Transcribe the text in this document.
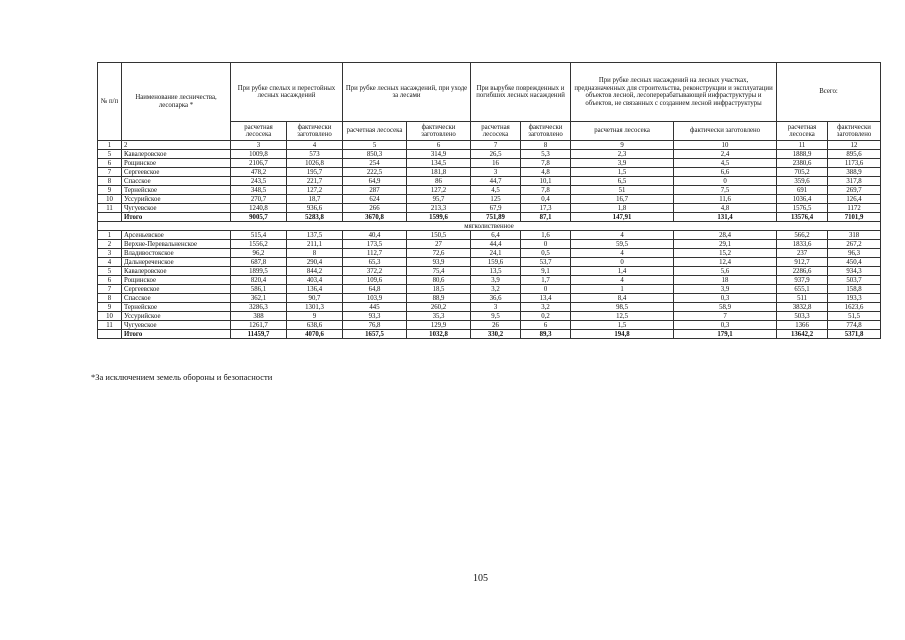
№ п/п	Наименование лесничества, лесопарка *	При рубке спелых и перестойных лесных насаждений		При рубке лесных насаждений, при уходе за лесами		При вырубке поврежденных и погибших лесных насаждений		При рубке лесных насаждений на лесных участках, предназначенных для строительства, реконструкции и эксплуатации объектов лесной, лесоперерабатывающей инфраструктуры и объектов, не связанных с созданием лесной инфраструктуры		Всего:	
		расчетная лесосека	фактически заготовлено	расчетная лесосека	фактически заготовлено	расчетная лесосека	фактически заготовлено	расчетная лесосека	фактически заготовлено	расчетная лесосека	фактически заготовлено
1	2	3	4	5	6	7	8	9	10	11	12
5	Кавалеровское	1009,8	573	850,3	314,9	26,5	5,3	2,3	2,4	1888,9	895,6
6	Рощинское	2106,7	1026,8	254	134,5	16	7,8	3,9	4,5	2380,6	1173,6
7	Сергеевское	478,2	195,7	222,5	181,8	3	4,8	1,5	6,6	705,2	388,9
8	Спасское	243,5	221,7	64,9	86	44,7	10,1	6,5	0	359,6	317,8
9	Тернейское	348,5	127,2	287	127,2	4,5	7,8	51	7,5	691	269,7
10	Уссурийское	270,7	18,7	624	95,7	125	0,4	16,7	11,6	1036,4	126,4
11	Чугуевское	1240,8	936,6	266	213,3	67,9	17,3	1,8	4,8	1576,5	1172
	Итого	9005,7	5283,8	3670,8	1599,6	751,89	87,1	147,91	131,4	13576,4	7101,9
мягколиственное											
1	Арсеньевское	515,4	137,5	40,4	150,5	6,4	1,6	4	28,4	566,2	318
2	Верхне-Перевальненское	1556,2	211,1	173,5	27	44,4	0	59,5	29,1	1833,6	267,2
3	Владивостокское	96,2	8	112,7	72,6	24,1	0,5	4	15,2	237	96,3
4	Дальнереченское	687,8	290,4	65,3	93,9	159,6	53,7	0	12,4	912,7	450,4
5	Кавалеровское	1899,5	844,2	372,2	75,4	13,5	9,1	1,4	5,6	2286,6	934,3
6	Рощинское	820,4	403,4	109,6	80,6	3,9	1,7	4	18	937,9	503,7
7	Сергеевское	586,1	136,4	64,8	18,5	3,2	0	1	3,9	655,1	158,8
8	Спасское	362,1	90,7	103,9	88,9	36,6	13,4	8,4	0,3	511	193,3
9	Тернейское	3286,3	1301,3	445	260,2	3	3,2	98,5	58,9	3832,8	1623,6
10	Уссурийское	388	9	93,3	35,3	9,5	0,2	12,5	7	503,3	51,5
11	Чугуевское	1261,7	638,6	76,8	129,9	26	6	1,5	0,3	1366	774,8
	Итого	11459,7	4070,6	1657,5	1032,8	330,2	89,3	194,8	179,1	13642,2	5371,8
*За исключением земель обороны и безопасности
105
